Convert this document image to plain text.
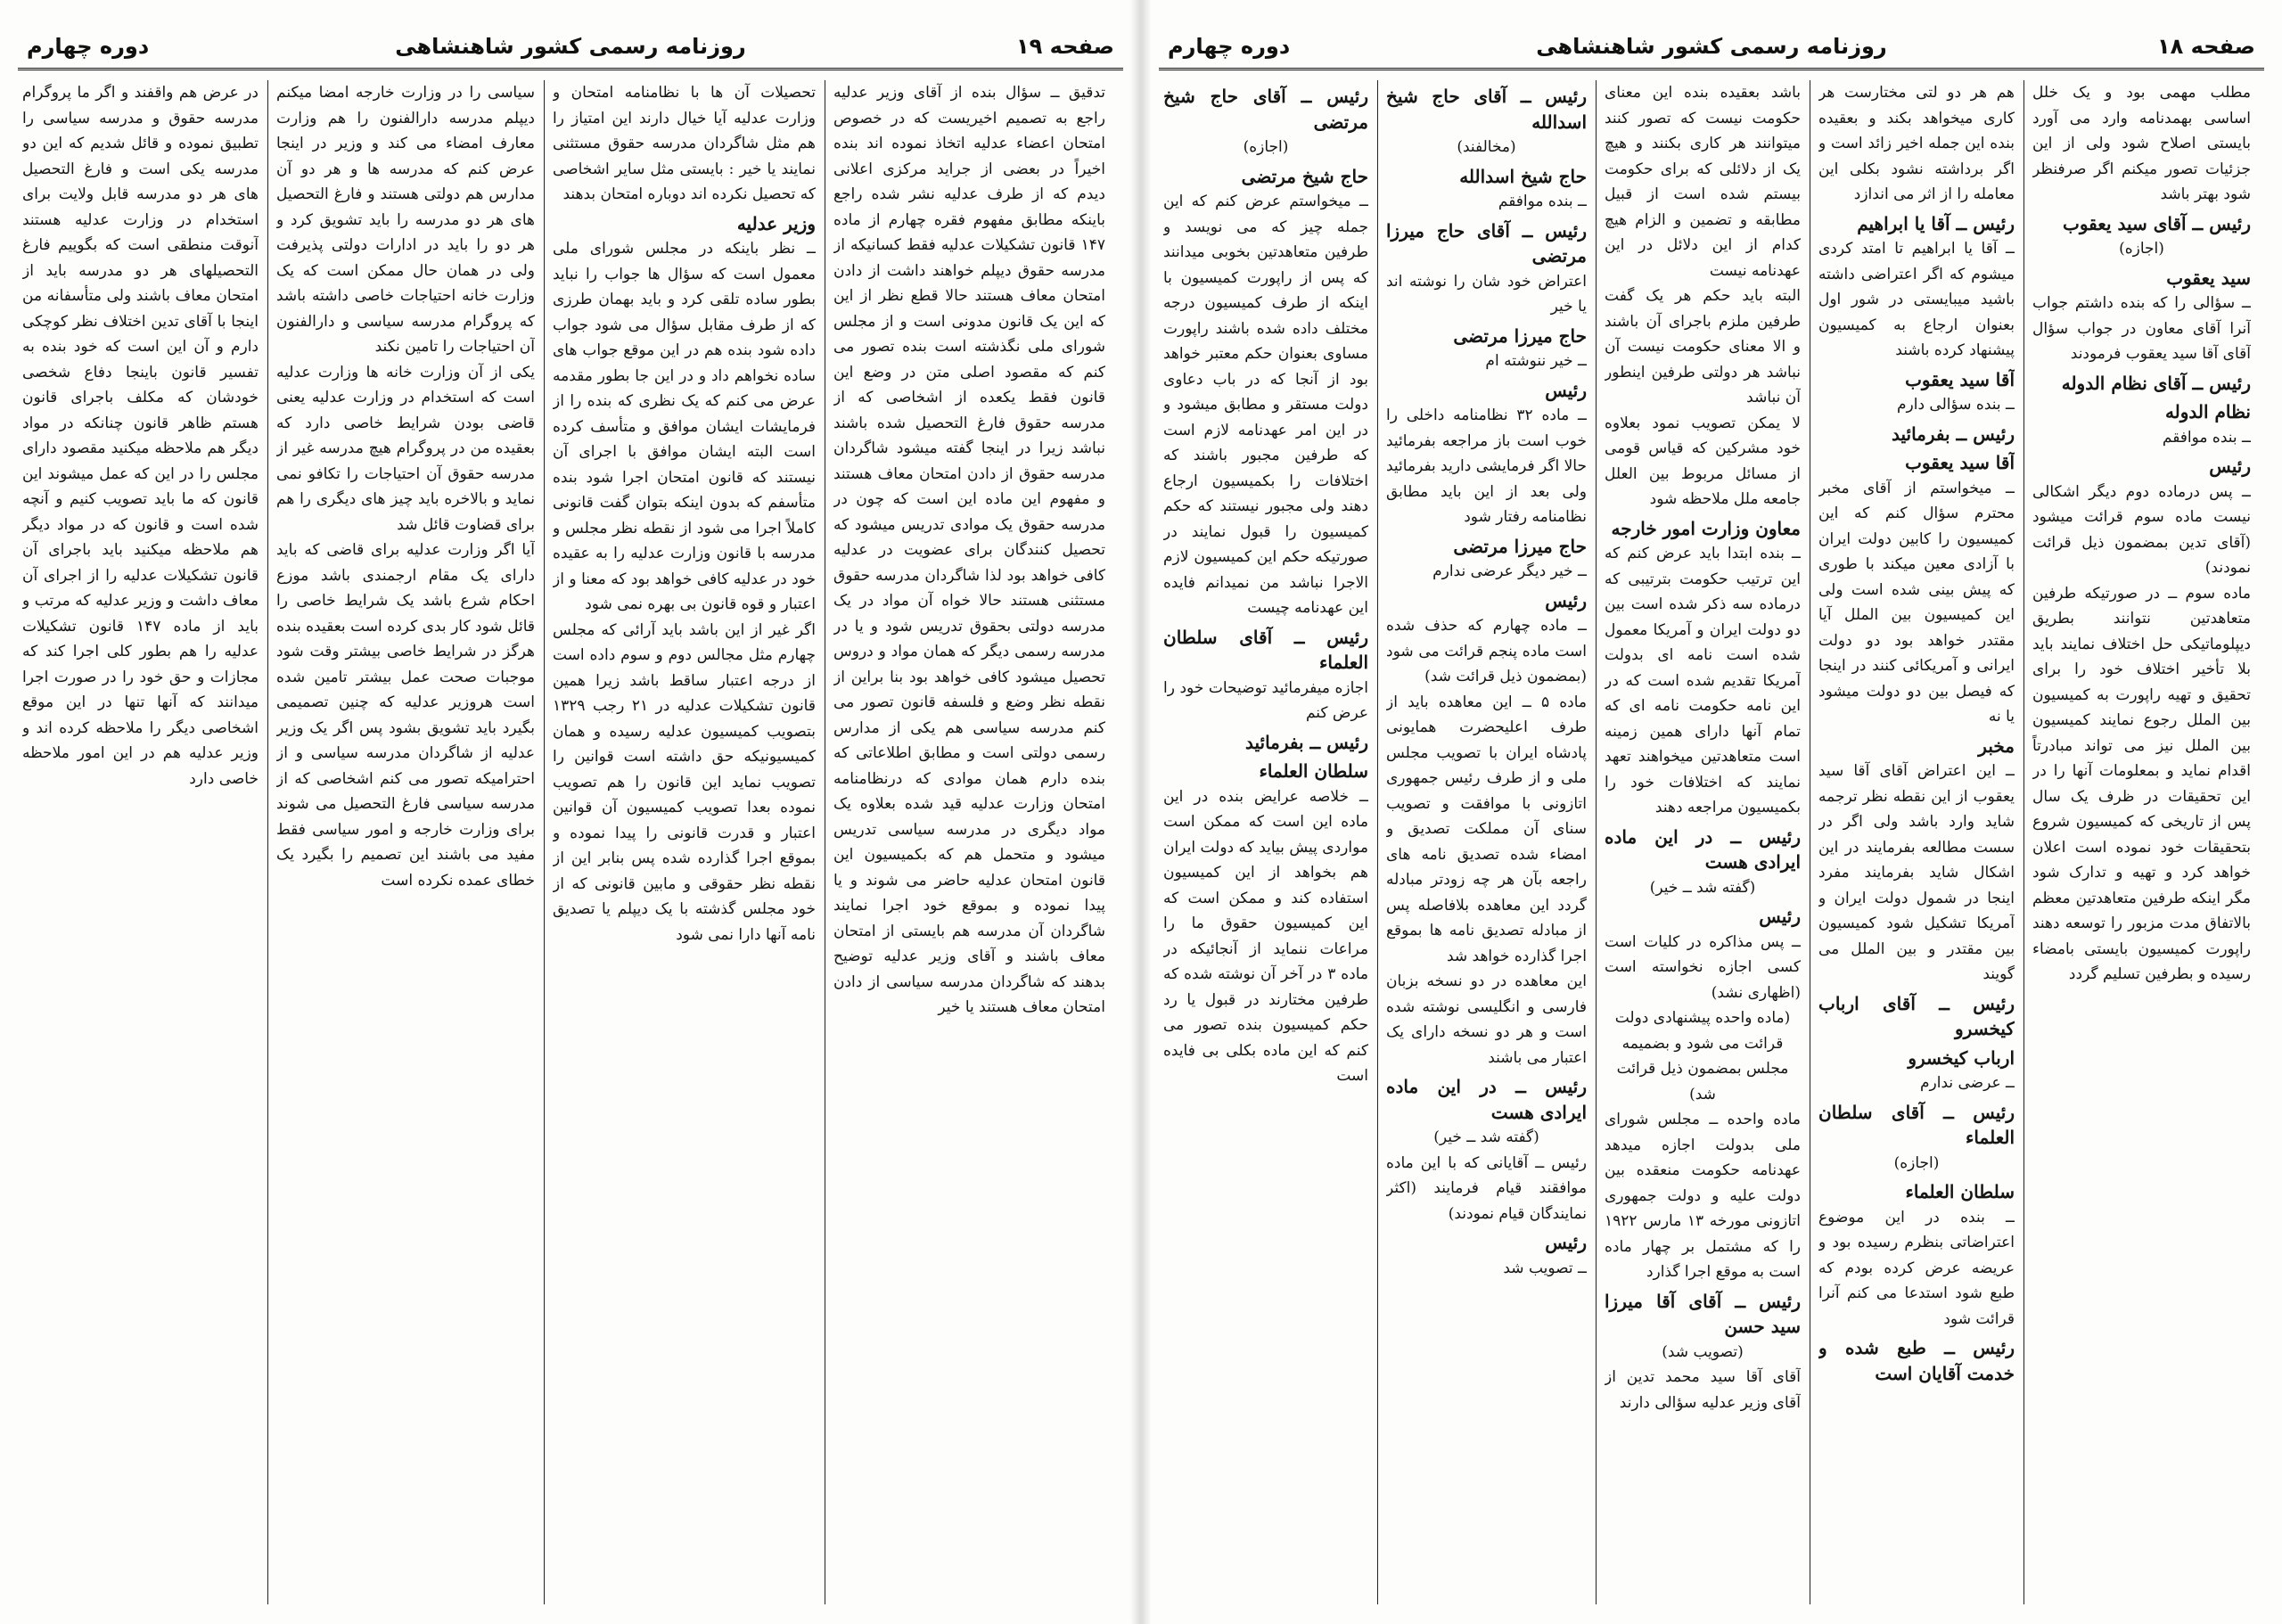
صفحه ۱۹
روزنامه رسمی کشور شاهنشاهی
دوره چهارم

تدقیق ــ سؤال بنده از آقای وزیر عدلیه راجع به تصمیم اخیریست که در خصوص امتحان اعضاء عدلیه اتخاذ نموده اند بنده اخیراً در بعضی از جراید مرکزی اعلانی دیدم که از طرف عدلیه نشر شده راجع باینکه مطابق مفهوم فقره چهارم از ماده ۱۴۷ قانون تشکیلات عدلیه فقط کسانیکه از مدرسه حقوق دیپلم خواهند داشت از دادن امتحان معاف هستند حالا قطع نظر از این که این یک قانون مدونی است و از مجلس شورای ملی نگذشته است بنده تصور می کنم که مقصود اصلی متن در وضع این قانون فقط یکعده از اشخاصی که از مدرسه حقوق فارغ التحصیل شده باشند نباشد زیرا در اینجا گفته میشود شاگردان مدرسه حقوق از دادن امتحان معاف هستند و مفهوم این ماده این است که چون در مدرسه حقوق یک موادی تدریس میشود که تحصیل کنندگان برای عضویت در عدلیه کافی خواهد بود لذا شاگردان مدرسه حقوق مستثنی هستند حالا خواه آن مواد در یک مدرسه دولتی بحقوق تدریس شود و یا در مدرسه رسمی دیگر که همان مواد و دروس تحصیل میشود کافی خواهد بود بنا براین از نقطه نظر وضع و فلسفه قانون تصور می کنم مدرسه سیاسی هم یکی از مدارس رسمی دولتی است و مطابق اطلاعاتی که بنده دارم همان موادی که درنظامنامه امتحان وزارت عدلیه قید شده بعلاوه یک مواد دیگری در مدرسه سیاسی تدریس میشود و متحمل هم که بکمیسیون این قانون امتحان عدلیه حاضر می شوند و یا پیدا نموده و بموقع خود اجرا نمایند شاگردان آن مدرسه هم بایستی از امتحان معاف باشند و آقای وزیر عدلیه توضیح بدهند که شاگردان مدرسه سیاسی از دادن امتحان معاف هستند یا خیر

تحصیلات آن ها با نظامنامه امتحان و وزارت عدلیه آیا خیال دارند این امتیاز را هم مثل شاگردان مدرسه حقوق مستثنی نمایند یا خیر : بایستی مثل سایر اشخاصی که تحصیل نکرده اند دوباره امتحان بدهند

وزیر عدلیه

ــ نظر باینکه در مجلس شورای ملی معمول است که سؤال ها جواب را نباید بطور ساده تلقی کرد و باید بهمان طرزی که از طرف مقابل سؤال می شود جواب داده شود بنده هم در این موقع جواب های ساده نخواهم داد و در این جا بطور مقدمه عرض می کنم که یک نظری که بنده را از فرمایشات ایشان موافق و متأسف کرده است البته ایشان موافق با اجرای آن نیستند که قانون امتحان اجرا شود بنده متأسفم که بدون اینکه بتوان گفت قانونی کاملاً اجرا می شود از نقطه نظر مجلس و مدرسه با قانون وزارت عدلیه را به عقیده خود در عدلیه کافی خواهد بود که معنا و از اعتبار و قوه قانون بی بهره نمی شود

اگر غیر از این باشد باید آرائی که مجلس چهارم مثل مجالس دوم و سوم داده است از درجه اعتبار ساقط باشد زیرا همین قانون تشکیلات عدلیه در ۲۱ رجب ۱۳۲۹ بتصویب کمیسیون عدلیه رسیده و همان کمیسیونیکه حق داشته است قوانین را تصویب نماید این قانون را هم تصویب نموده بعدا تصویب کمیسیون آن قوانین اعتبار و قدرت قانونی را پیدا نموده و بموقع اجرا گذارده شده پس بنابر این از نقطه نظر حقوقی و مابین قانونی که از خود مجلس گذشته با یک دیپلم یا تصدیق نامه آنها دارا نمی شود

سیاسی را در وزارت خارجه امضا میکنم دیپلم مدرسه دارالفنون را هم وزارت معارف امضاء می کند و وزیر در اینجا عرض کنم که مدرسه ها و هر دو آن مدارس هم دولتی هستند و فارغ التحصیل های هر دو مدرسه را باید تشویق کرد و هر دو را باید در ادارات دولتی پذیرفت ولی در همان حال ممکن است که یک وزارت خانه احتیاجات خاصی داشته باشد که پروگرام مدرسه سیاسی و دارالفنون آن احتیاجات را تامین نکند

یکی از آن وزارت خانه ها وزارت عدلیه است که استخدام در وزارت عدلیه یعنی قاضی بودن شرایط خاصی دارد که بعقیده من در پروگرام هیچ مدرسه غیر از مدرسه حقوق آن احتیاجات را تکافو نمی نماید و بالاخره باید چیز های دیگری را هم برای قضاوت قائل شد

آیا اگر وزارت عدلیه برای قاضی که باید دارای یک مقام ارجمندی باشد موزع احکام شرع باشد یک شرایط خاصی را قائل شود کار بدی کرده است بعقیده بنده هرگز در شرایط خاصی بیشتر وقت شود موجبات صحت عمل بیشتر تامین شده است هروزیر عدلیه که چنین تصمیمی بگیرد باید تشویق بشود پس اگر یک وزیر عدلیه از شاگردان مدرسه سیاسی و از احترامیکه تصور می کنم اشخاصی که از مدرسه سیاسی فارغ التحصیل می شوند برای وزارت خارجه و امور سیاسی فقط مفید می باشند این تصمیم را بگیرد یک خطای عمده نکرده است

در عرض هم واقفند و اگر ما پروگرام مدرسه حقوق و مدرسه سیاسی را تطبیق نموده و قائل شدیم که این دو مدرسه یکی است و فارغ التحصیل های هر دو مدرسه قابل ولایت برای استخدام در وزارت عدلیه هستند آنوقت منطقی است که بگوییم فارغ التحصیلهای هر دو مدرسه باید از امتحان معاف باشند ولی متأسفانه من اینجا با آقای تدین اختلاف نظر کوچکی دارم و آن این است که خود بنده به تفسیر قانون باینجا دفاع شخصی خودشان که مکلف باجرای قانون هستم ظاهر قانون چنانکه در مواد دیگر هم ملاحظه میکنید مقصود دارای مجلس را در این که عمل میشوند این قانون که ما باید تصویب کنیم و آنچه شده است و قانون که در مواد دیگر هم ملاحظه میکنید باید باجرای آن قانون تشکیلات عدلیه را از اجرای آن معاف داشت و وزیر عدلیه که مرتب و باید از ماده ۱۴۷ قانون تشکیلات عدلیه را هم بطور کلی اجرا کند که مجازات و حق خود را در صورت اجرا میدانند که آنها تنها در این موقع اشخاصی دیگر را ملاحظه کرده اند و وزیر عدلیه هم در این امور ملاحظه خاصی دارد

صفحه ۱۸
روزنامه رسمی کشور شاهنشاهی
دوره چهارم

مطلب مهمی بود و یک خلل اساسی بهمدنامه وارد می آورد بایستی اصلاح شود ولی از این جزئیات تصور میکنم اگر صرفنظر شود بهتر باشد

رئیس ــ آقای سید یعقوب
(اجازه)
سید یعقوب

ــ سؤالی را که بنده داشتم جواب آنرا آقای معاون در جواب سؤال آقای آقا سید یعقوب فرمودند

رئیس ــ آقای نظام الدوله
نظام الدوله

ــ بنده موافقم

رئیس

ــ پس درماده دوم دیگر اشکالی نیست ماده سوم قرائت میشود (آقای تدین بمضمون ذیل قرائت نمودند)

ماده سوم ــ در صورتیکه طرفین متعاهدتین نتوانند بطریق دیپلوماتیکی حل اختلاف نمایند باید بلا تأخیر اختلاف خود را برای تحقیق و تهیه راپورت به کمیسیون بین الملل رجوع نمایند کمیسیون بین الملل نیز می تواند مبادرتاً اقدام نماید و بمعلومات آنها را در این تحقیقات در ظرف یک سال پس از تاریخی که کمیسیون شروع بتحقیقات خود نموده است اعلان خواهد کرد و تهیه و تدارک شود مگر اینکه طرفین متعاهدتین معظم بالاتفاق مدت مزبور را توسعه دهند راپورت کمیسیون بایستی بامضاء رسیده و بطرفین تسلیم گردد

هم هر دو لتی مختارست هر کاری میخواهد بکند و بعقیده بنده این جمله اخیر زائد است و اگر برداشته نشود بکلی این معامله را از اثر می اندازد

رئیس ــ آقا یا ابراهیم

ــ آقا یا ابراهیم تا امتد کردی میشوم که اگر اعتراضی داشته باشید میبایستی در شور اول بعنوان ارجاع به کمیسیون پیشنهاد کرده باشند

آقا سید یعقوب

ــ بنده سؤالی دارم

رئیس ــ بفرمائید
آقا سید یعقوب

ــ میخواستم از آقای مخبر محترم سؤال کنم که این کمیسیون را کابین دولت ایران با آزادی معین میکند با طوری که پیش بینی شده است ولی این کمیسیون بین الملل آیا مقتدر خواهد بود دو دولت ایرانی و آمریکائی کنند در اینجا که فیصل بین دو دولت میشود یا نه

مخبر

ــ این اعتراض آقای آقا سید یعقوب از این نقطه نظر ترجمه شاید وارد باشد ولی اگر در سست مطالعه بفرمایند در این اشکال شاید بفرمایند مفرد اینجا در شمول دولت ایران و آمریکا تشکیل شود کمیسیون بین مقتدر و بین الملل می گویند

رئیس ــ آقای ارباب کیخسرو
ارباب کیخسرو

ــ عرضی ندارم

رئیس ــ آقای سلطان العلماء
(اجازه)
سلطان العلماء

ــ بنده در این موضوع اعتراضاتی بنظرم رسیده بود و عریضه عرض کرده بودم که طبع شود استدعا می کنم آنرا قرائت شود

رئیس ــ طبع شده و خدمت آقایان است

باشد بعقیده بنده این معنای حکومت نیست که تصور کنند میتوانند هر کاری بکنند و هیچ یک از دلائلی که برای حکومت بیستم شده است از قبیل مطابقه و تضمین و الزام هیچ کدام از این دلائل در این عهدنامه نیست

البته باید حکم هر یک گفت طرفین ملزم باجرای آن باشند و الا معنای حکومت نیست آن نباشد هر دولتی طرفین اینطور آن نباشد

لا یمکن تصویب نمود بعلاوه خود مشرکین که قیاس قومی از مسائل مربوط بین العلل جامعه ملل ملاحظه شود

معاون وزارت امور خارجه

ــ بنده ابتدا باید عرض کنم که این ترتیب حکومت بترتیبی که درماده سه ذکر شده است بین دو دولت ایران و آمریکا معمول شده است نامه ای بدولت آمریکا تقدیم شده است که در این نامه حکومت نامه ای که تمام آنها دارای همین زمینه است متعاهدتین میخواهند تعهد نمایند که اختلافات خود را بکمیسیون مراجعه دهند

رئیس ــ در این ماده ایرادی هست
(گفته شد ــ خیر)
رئیس

ــ پس مذاکره در کلیات است کسی اجازه نخواسته است (اظهاری نشد)

(ماده واحده پیشنهادی دولت قرائت می شود و بضمیمه مجلس بمضمون ذیل قرائت شد)

ماده واحده ــ مجلس شورای ملی بدولت اجازه میدهد عهدنامه حکومت منعقده بین دولت علیه و دولت جمهوری اتازونی مورخه ۱۳ مارس ۱۹۲۲ را که مشتمل بر چهار ماده است به موقع اجرا گذارد

رئیس ــ آقای آقا میرزا سید حسن
(تصویب شد)

آقای آقا سید محمد تدین از آقای وزیر عدلیه سؤالی دارند

رئیس ــ آقای حاج شیخ اسدالله
(مخالفند)
حاج شیخ اسدالله

ــ بنده موافقم

رئیس ــ آقای حاج میرزا مرتضی

اعتراض خود شان را نوشته اند یا خیر

حاج میرزا مرتضی

ــ خیر ننوشته ام

رئیس

ــ ماده ۳۲ نظامنامه داخلی را خوب است باز مراجعه بفرمائید حالا اگر فرمایشی دارید بفرمائید ولی بعد از این باید مطابق نظامنامه رفتار شود

حاج میرزا مرتضی

ــ خیر دیگر عرضی ندارم

رئیس

ــ ماده چهارم که حذف شده است ماده پنجم قرائت می شود (بمضمون ذیل قرائت شد)

ماده ۵ ــ این معاهده باید از طرف اعلیحضرت همایونی پادشاه ایران با تصویب مجلس ملی و از طرف رئیس جمهوری اتازونی با موافقت و تصویب سنای آن مملکت تصدیق و امضاء شده تصدیق نامه های راجعه بآن هر چه زودتر مبادله گردد این معاهده بلافاصله پس از مبادله تصدیق نامه ها بموقع اجرا گذارده خواهد شد

این معاهده در دو نسخه بزبان فارسی و انگلیسی نوشته شده است و هر دو نسخه دارای یک اعتبار می باشند

رئیس ــ در این ماده ایرادی هست
(گفته شد ــ خیر)

رئیس ــ آقایانی که با این ماده موافقند قیام فرمایند (اکثر نمایندگان قیام نمودند)

رئیس

ــ تصویب شد

رئیس ــ آقای حاج شیخ مرتضی
(اجازه)
حاج شیخ مرتضی

ــ میخواستم عرض کنم که این جمله چیز که می نویسد و طرفین متعاهدتین بخوبی میدانند که پس از راپورت کمیسیون با اینکه از طرف کمیسیون درجه مختلف داده شده باشند راپورت مساوی بعنوان حکم معتبر خواهد بود از آنجا که در باب دعاوی دولت مستقر و مطابق میشود و در این امر عهدنامه لازم است که طرفین مجبور باشند که اختلافات را بکمیسیون ارجاع دهند ولی مجبور نیستند که حکم کمیسیون را قبول نمایند در صورتیکه حکم این کمیسیون لازم الاجرا نباشد من نمیدانم فایده این عهدنامه چیست

رئیس ــ آقای سلطان العلماء

اجازه میفرمائید توضیحات خود را عرض کنم

رئیس ــ بفرمائید
سلطان العلماء

ــ خلاصه عرایض بنده در این ماده این است که ممکن است مواردی پیش بیاید که دولت ایران هم بخواهد از این کمیسیون استفاده کند و ممکن است که این کمیسیون حقوق ما را مراعات ننماید از آنجائیکه در ماده ۳ در آخر آن نوشته شده که طرفین مختارند در قبول یا رد حکم کمیسیون بنده تصور می کنم که این ماده بکلی بی فایده است
